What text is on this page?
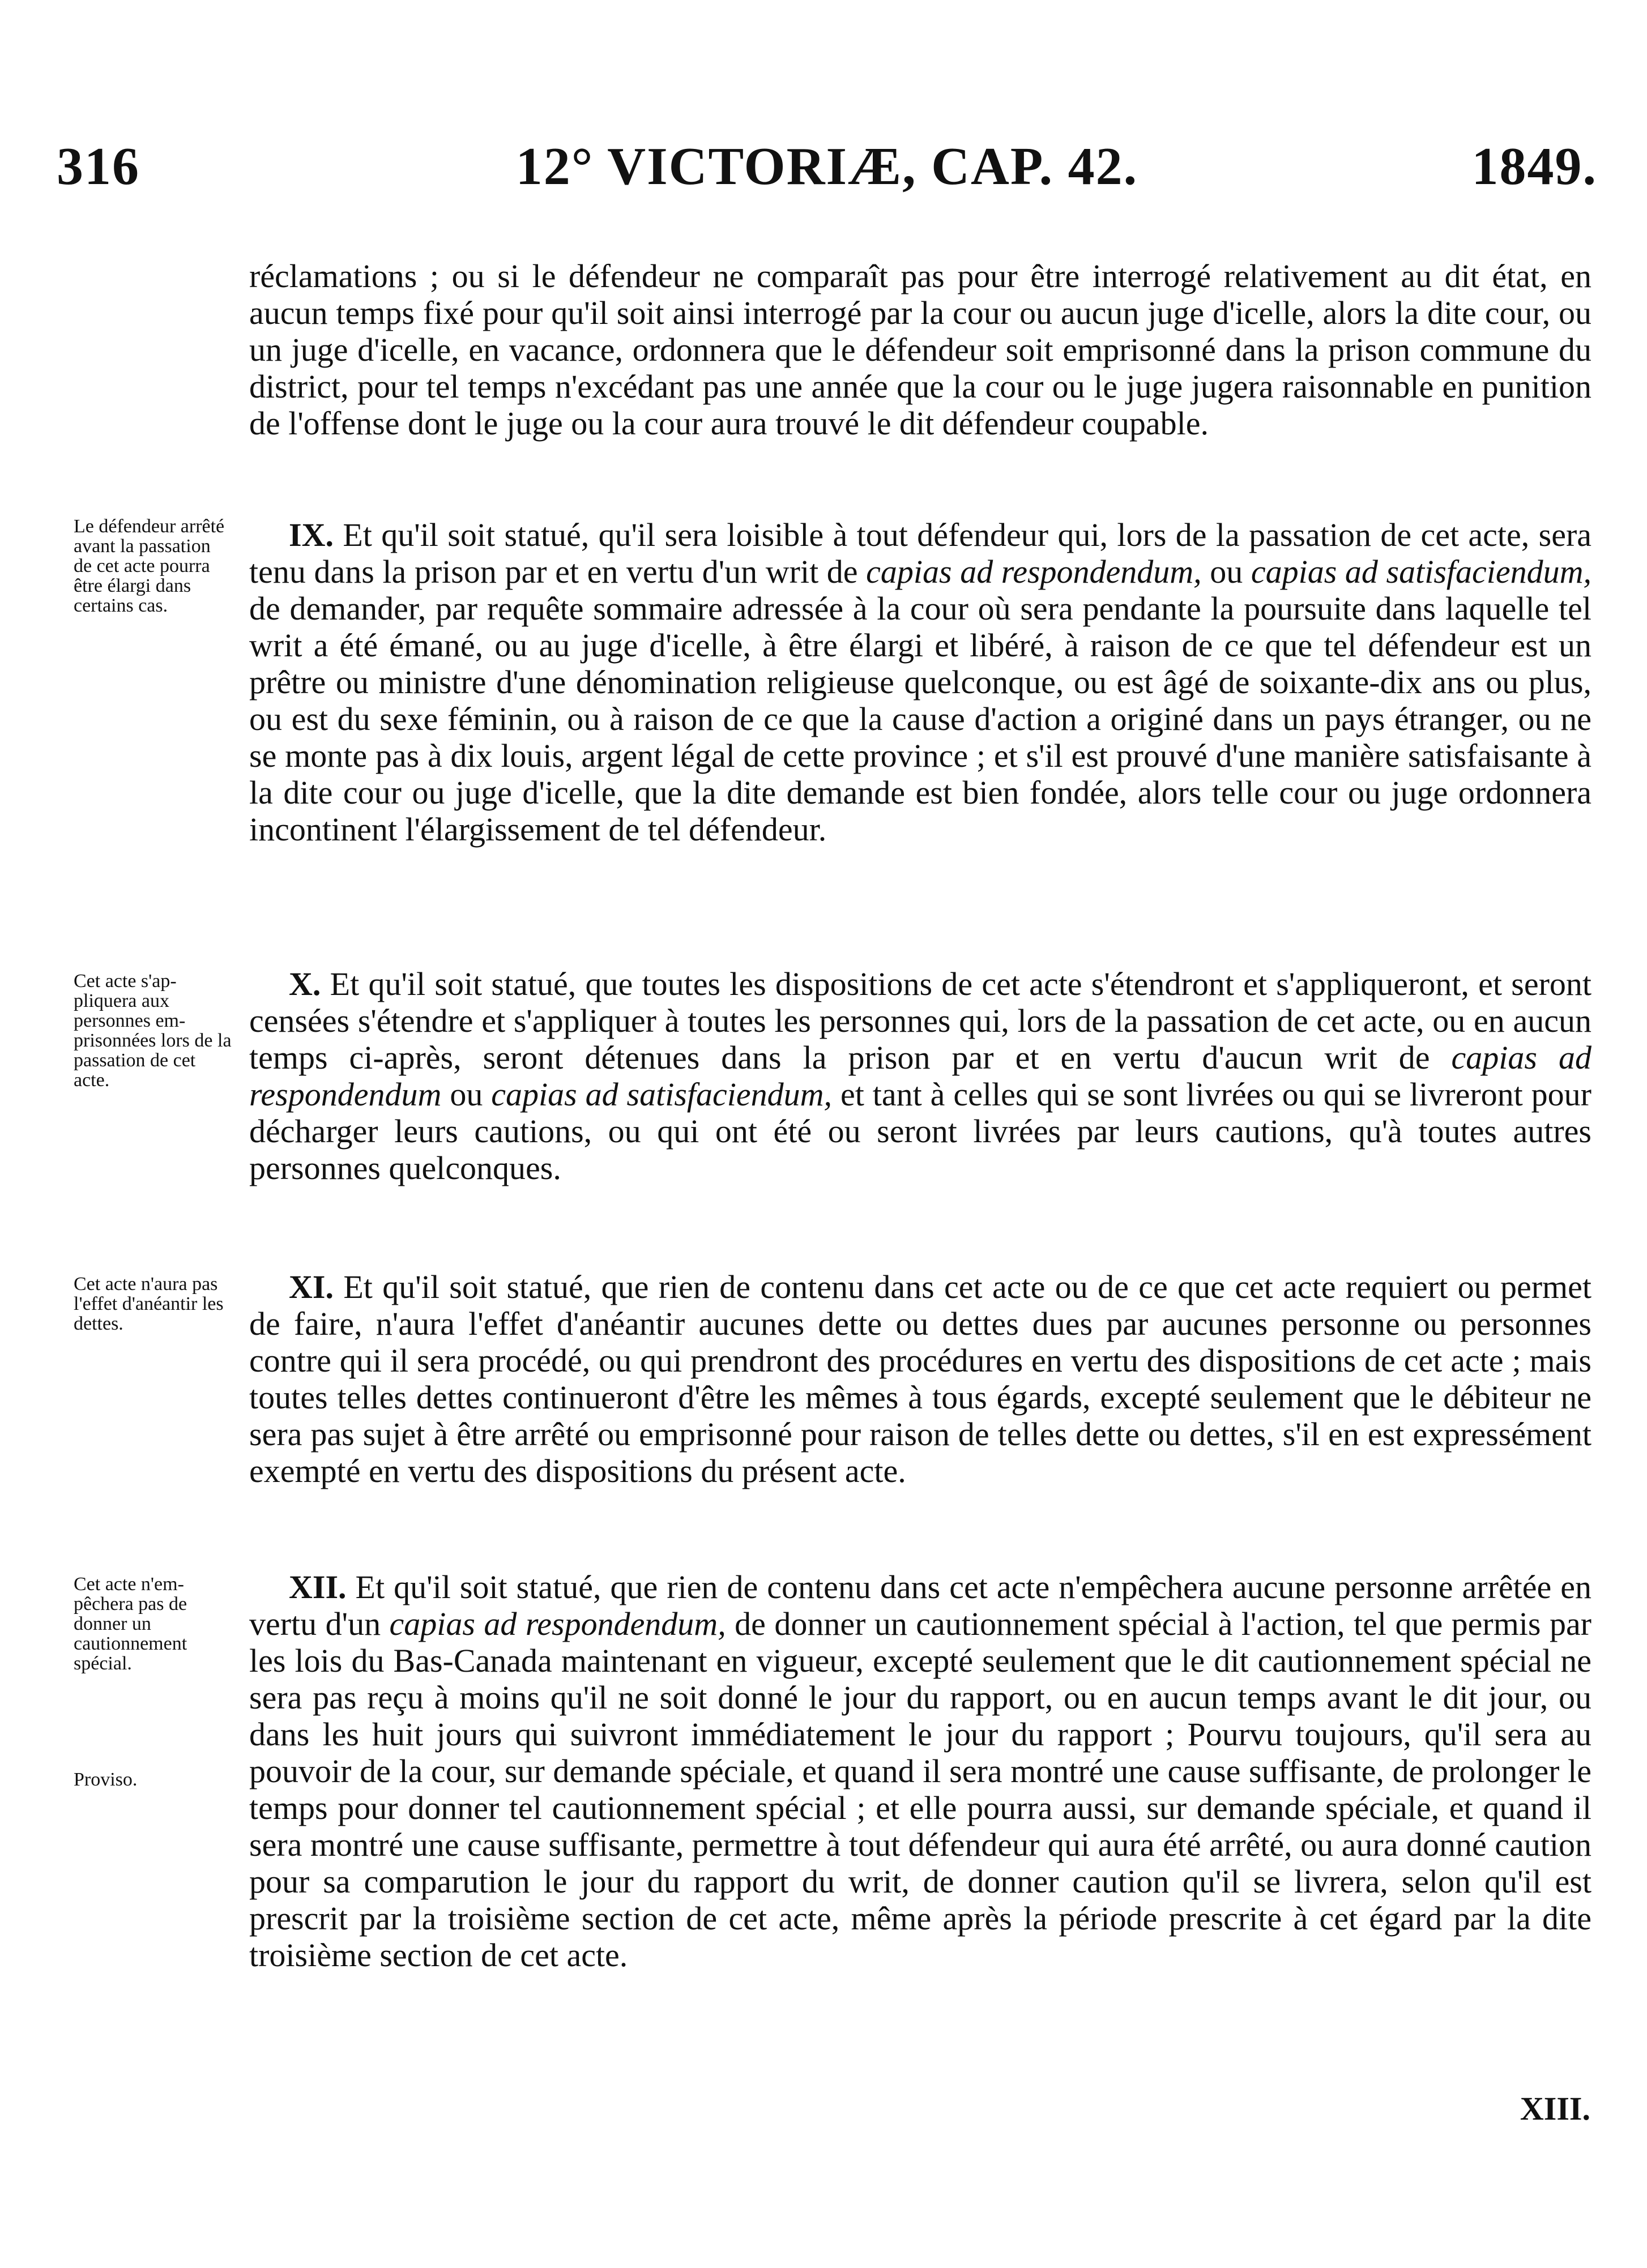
316	12° VICTORIÆ, CAP. 42.	1849.
réclamations ; ou si le défendeur ne comparaît pas pour être interrogé relativement au dit état, en aucun temps fixé pour qu'il soit ainsi interrogé par la cour ou aucun juge d'icelle, alors la dite cour, ou un juge d'icelle, en vacance, ordonnera que le défendeur soit emprisonné dans la prison commune du district, pour tel temps n'excédant pas une année que la cour ou le juge jugera raisonnable en punition de l'offense dont le juge ou la cour aura trouvé le dit défendeur coupable.
Le défendeur arrêté avant la passation de cet acte pourra être élargi dans certains cas.
IX. Et qu'il soit statué, qu'il sera loisible à tout défendeur qui, lors de la passation de cet acte, sera tenu dans la prison par et en vertu d'un writ de capias ad respondendum, ou capias ad satisfaciendum, de demander, par requête sommaire adressée à la cour où sera pendante la poursuite dans laquelle tel writ a été émané, ou au juge d'icelle, à être élargi et libéré, à raison de ce que tel défendeur est un prêtre ou ministre d'une dénomination religieuse quelconque, ou est âgé de soixante-dix ans ou plus, ou est du sexe féminin, ou à raison de ce que la cause d'action a originé dans un pays étranger, ou ne se monte pas à dix louis, argent légal de cette province ; et s'il est prouvé d'une manière satisfaisante à la dite cour ou juge d'icelle, que la dite demande est bien fondée, alors telle cour ou juge ordonnera incontinent l'élargissement de tel défendeur.
Cet acte s'appliquera aux personnes emprisonnées lors de la passation de cet acte.
X. Et qu'il soit statué, que toutes les dispositions de cet acte s'étendront et s'appliqueront, et seront censées s'étendre et s'appliquer à toutes les personnes qui, lors de la passation de cet acte, ou en aucun temps ci-après, seront détenues dans la prison par et en vertu d'aucun writ de capias ad respondendum ou capias ad satisfaciendum, et tant à celles qui se sont livrées ou qui se livreront pour décharger leurs cautions, ou qui ont été ou seront livrées par leurs cautions, qu'à toutes autres personnes quelconques.
Cet acte n'aura pas l'effet d'anéantir les dettes.
XI. Et qu'il soit statué, que rien de contenu dans cet acte ou de ce que cet acte requiert ou permet de faire, n'aura l'effet d'anéantir aucunes dette ou dettes dues par aucunes personne ou personnes contre qui il sera procédé, ou qui prendront des procédures en vertu des dispositions de cet acte ; mais toutes telles dettes continueront d'être les mêmes à tous égards, excepté seulement que le débiteur ne sera pas sujet à être arrêté ou emprisonné pour raison de telles dette ou dettes, s'il en est expressément exempté en vertu des dispositions du présent acte.
Cet acte n'empêchera pas de donner un cautionnement spécial.
Proviso.
XII. Et qu'il soit statué, que rien de contenu dans cet acte n'empêchera aucune personne arrêtée en vertu d'un capias ad respondendum, de donner un cautionnement spécial à l'action, tel que permis par les lois du Bas-Canada maintenant en vigueur, excepté seulement que le dit cautionnement spécial ne sera pas reçu à moins qu'il ne soit donné le jour du rapport, ou en aucun temps avant le dit jour, ou dans les huit jours qui suivront immédiatement le jour du rapport ; Pourvu toujours, qu'il sera au pouvoir de la cour, sur demande spéciale, et quand il sera montré une cause suffisante, de prolonger le temps pour donner tel cautionnement spécial ; et elle pourra aussi, sur demande spéciale, et quand il sera montré une cause suffisante, permettre à tout défendeur qui aura été arrêté, ou aura donné caution pour sa comparution le jour du rapport du writ, de donner caution qu'il se livrera, selon qu'il est prescrit par la troisième section de cet acte, même après la période prescrite à cet égard par la dite troisième section de cet acte.
XIII.
